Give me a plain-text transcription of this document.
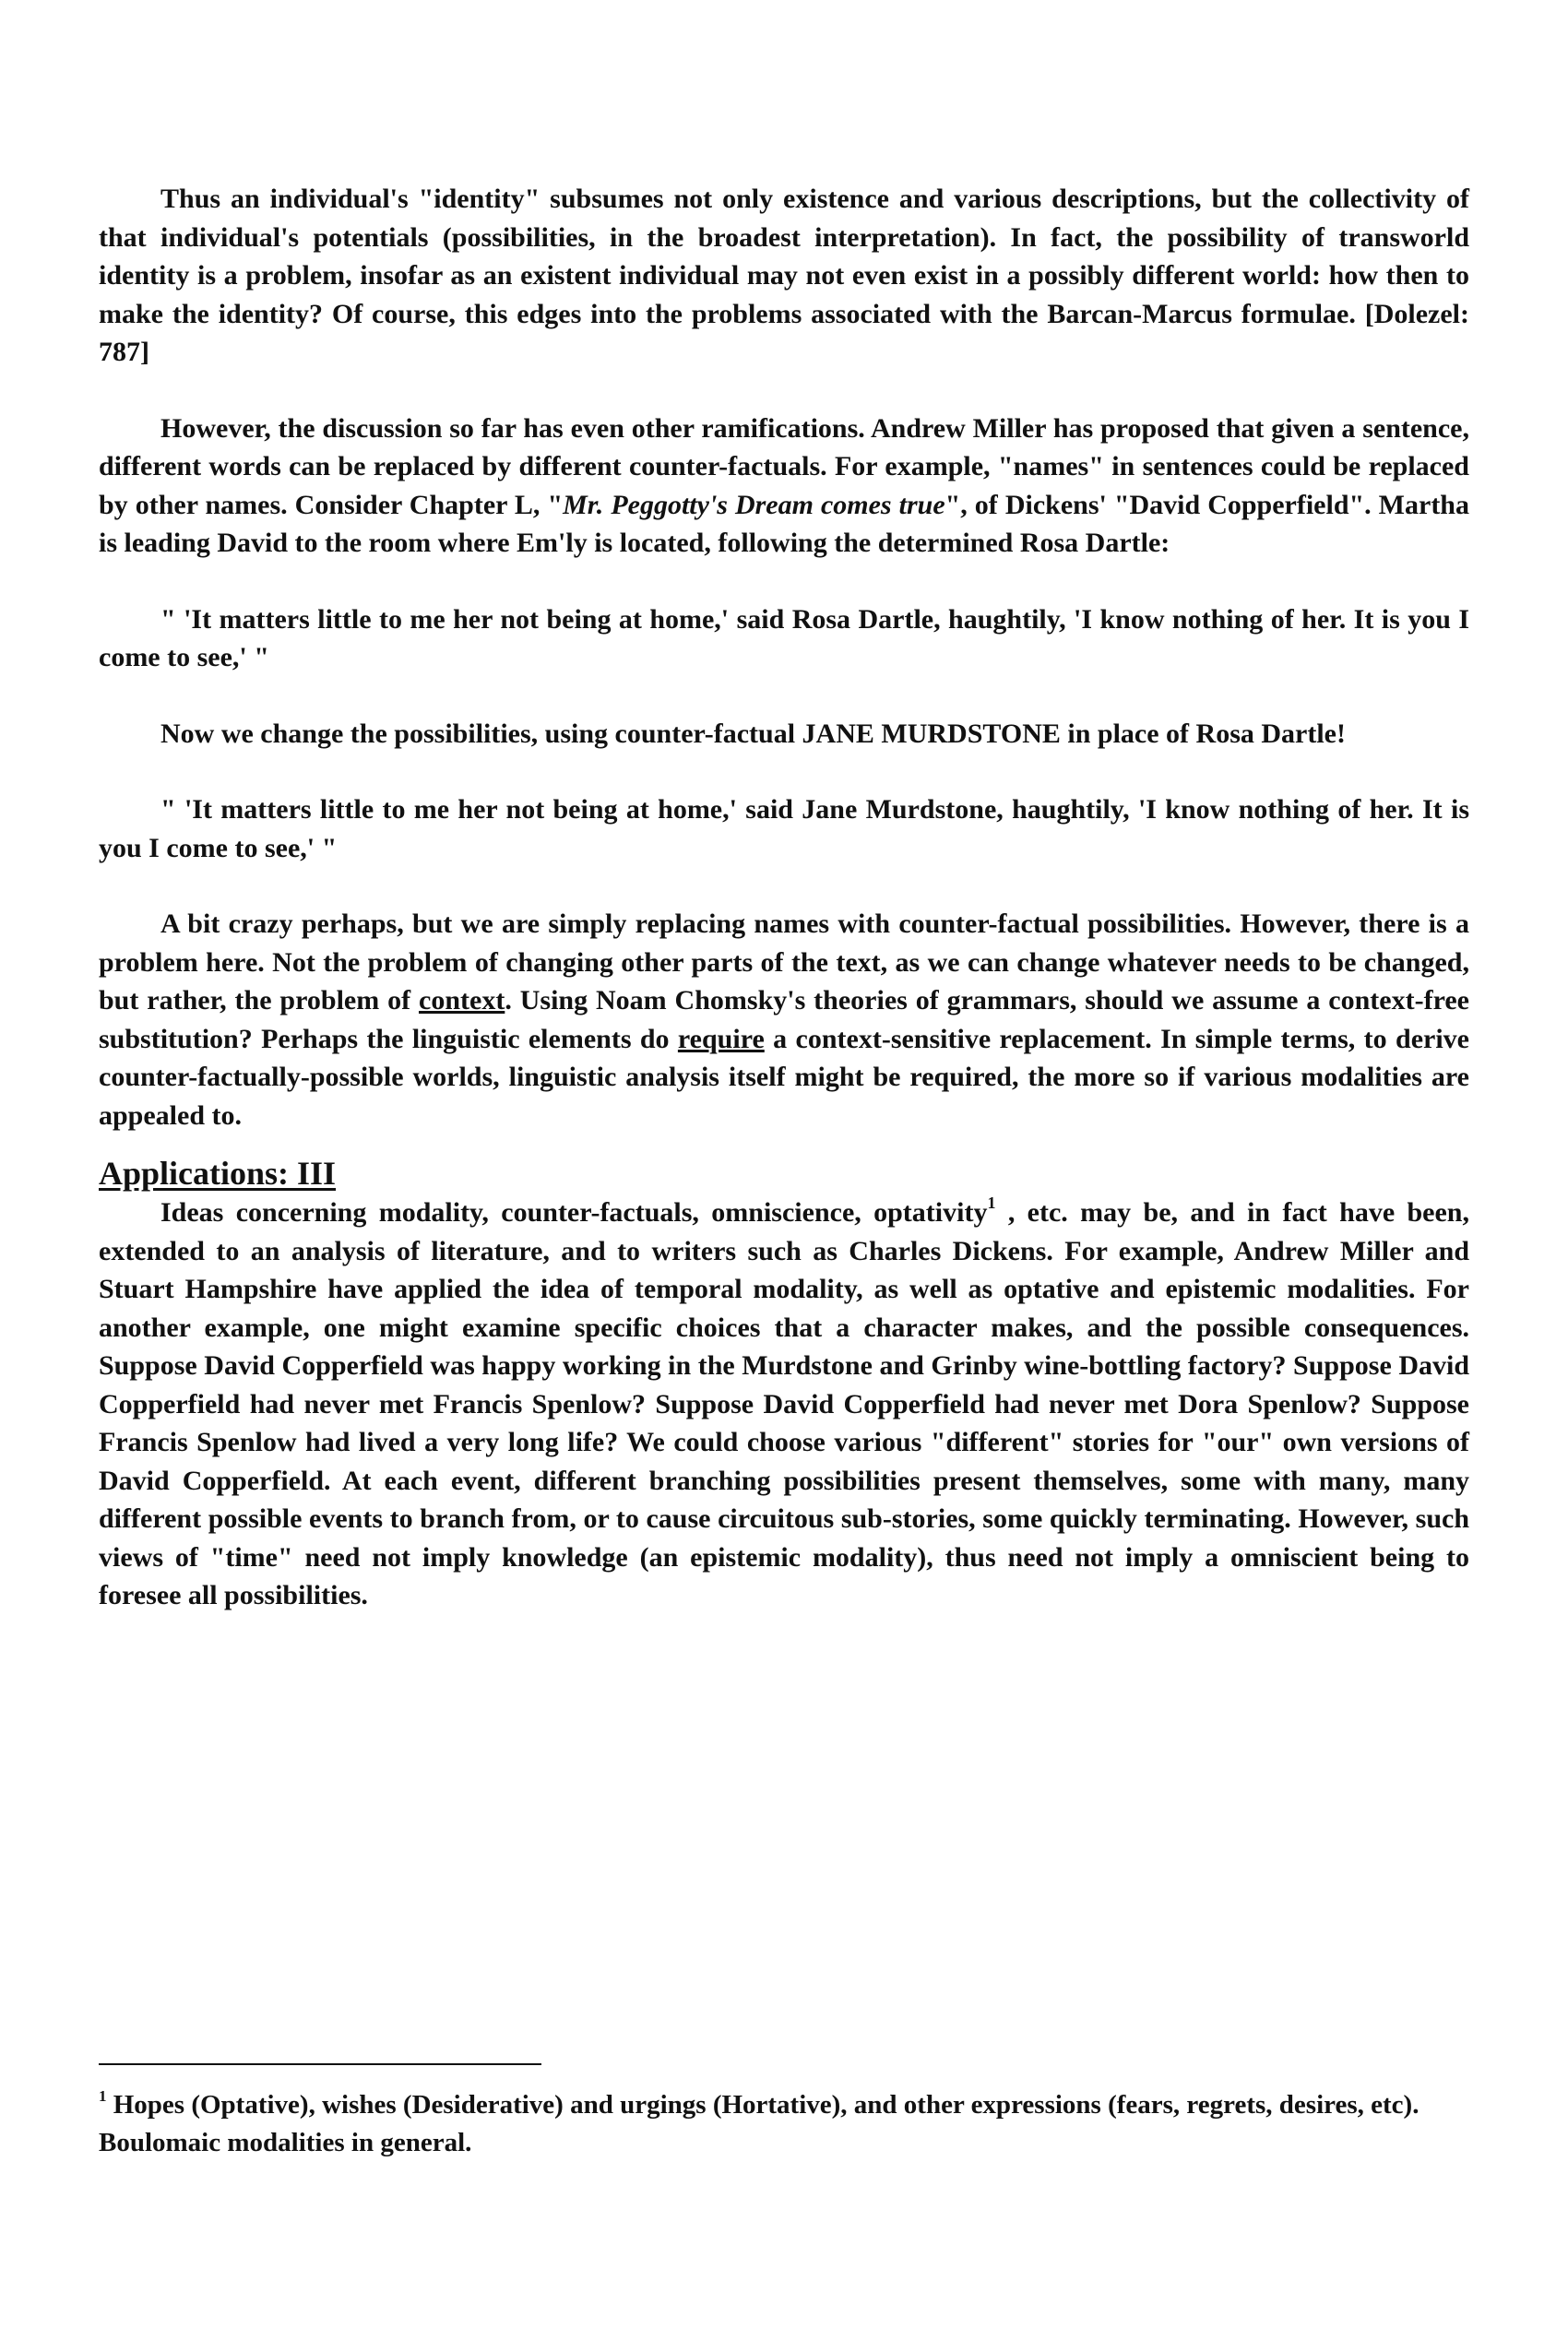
Thus an individual's "identity" subsumes not only existence and various descriptions, but the collectivity of that individual's potentials (possibilities, in the broadest interpretation). In fact, the possibility of transworld identity is a problem, insofar as an existent individual may not even exist in a possibly different world: how then to make the identity? Of course, this edges into the problems associated with the Barcan-Marcus formulae. [Dolezel: 787]

However, the discussion so far has even other ramifications. Andrew Miller has proposed that given a sentence, different words can be replaced by different counter-factuals. For example, "names" in sentences could be replaced by other names. Consider Chapter L, "Mr. Peggotty's Dream comes true", of Dickens' "David Copperfield". Martha is leading David to the room where Em'ly is located, following the determined Rosa Dartle:

" 'It matters little to me her not being at home,' said Rosa Dartle, haughtily, 'I know nothing of her. It is you I come to see,' "

Now we change the possibilities, using counter-factual JANE MURDSTONE in place of Rosa Dartle!

" 'It matters little to me her not being at home,' said Jane Murdstone, haughtily, 'I know nothing of her. It is you I come to see,' "

A bit crazy perhaps, but we are simply replacing names with counter-factual possibilities. However, there is a problem here. Not the problem of changing other parts of the text, as we can change whatever needs to be changed, but rather, the problem of context. Using Noam Chomsky's theories of grammars, should we assume a context-free substitution? Perhaps the linguistic elements do require a context-sensitive replacement. In simple terms, to derive counter-factually-possible worlds, linguistic analysis itself might be required, the more so if various modalities are appealed to.

Applications: III

Ideas concerning modality, counter-factuals, omniscience, optativity$^1$ , etc. may be, and in fact have been, extended to an analysis of literature, and to writers such as Charles Dickens. For example, Andrew Miller and Stuart Hampshire have applied the idea of temporal modality, as well as optative and epistemic modalities. For another example, one might examine specific choices that a character makes, and the possible consequences. Suppose David Copperfield was happy working in the Murdstone and Grinby wine-bottling factory? Suppose David Copperfield had never met Francis Spenlow? Suppose David Copperfield had never met Dora Spenlow? Suppose Francis Spenlow had lived a very long life? We could choose various "different" stories for "our" own versions of David Copperfield. At each event, different branching possibilities present themselves, some with many, many different possible events to branch from, or to cause circuitous sub-stories, some quickly terminating. However, such views of "time" need not imply knowledge (an epistemic modality), thus need not imply a omniscient being to foresee all possibilities.

$^1$ Hopes (Optative), wishes (Desiderative) and urgings (Hortative), and other expressions (fears, regrets, desires, etc). Boulomaic modalities in general.
